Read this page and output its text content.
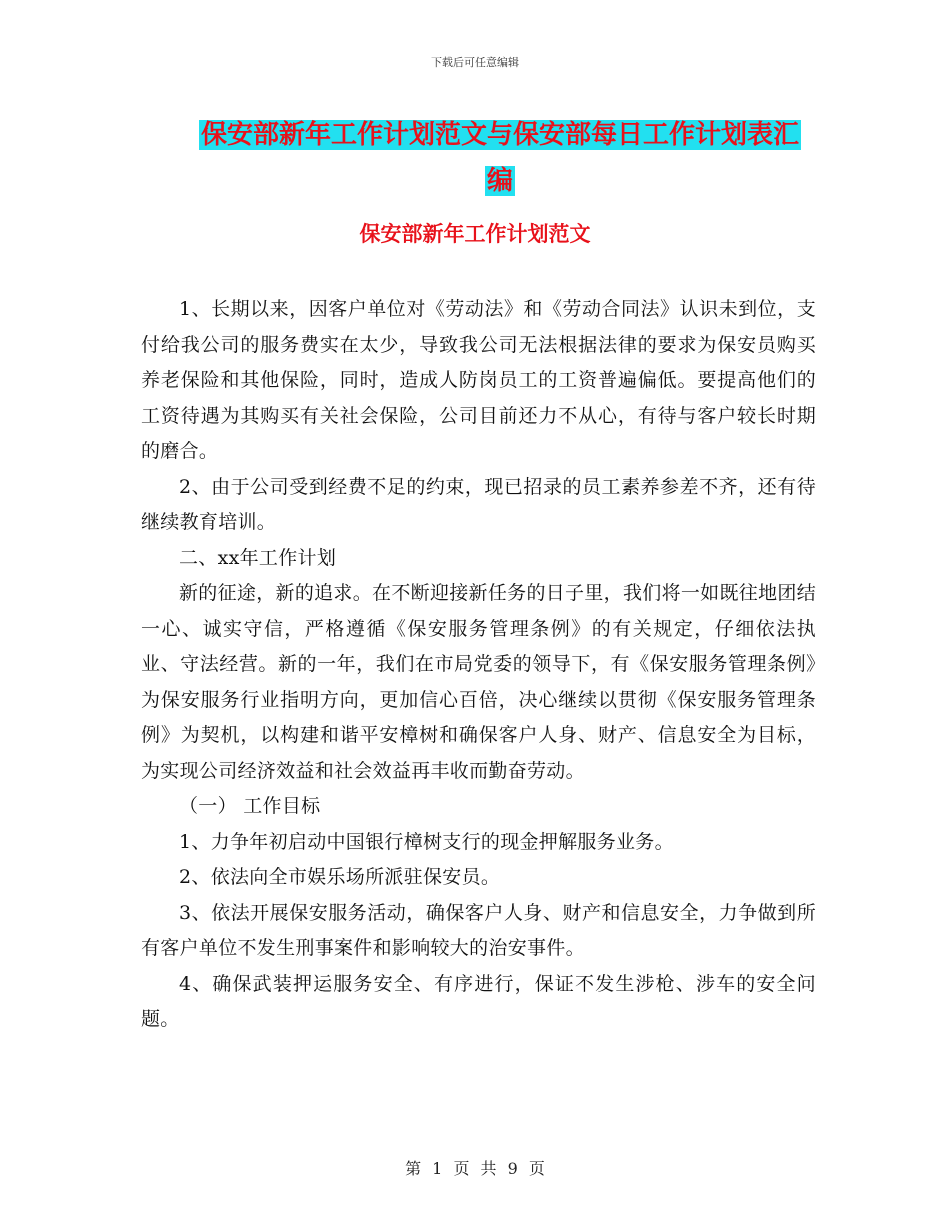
下载后可任意编辑
保安部新年工作计划范文与保安部每日工作计划表汇
编
保安部新年工作计划范文

1、长期以来，因客户单位对《劳动法》和《劳动合同法》认识未到位，支付给我公司的服务费实在太少，导致我公司无法根据法律的要求为保安员购买养老保险和其他保险，同时，造成人防岗员工的工资普遍偏低。要提高他们的工资待遇为其购买有关社会保险，公司目前还力不从心，有待与客户较长时期的磨合。

2、由于公司受到经费不足的约束，现已招录的员工素养参差不齐，还有待继续教育培训。

二、xx年工作计划

新的征途，新的追求。在不断迎接新任务的日子里，我们将一如既往地团结一心、诚实守信，严格遵循《保安服务管理条例》的有关规定，仔细依法执业、守法经营。新的一年，我们在市局党委的领导下，有《保安服务管理条例》为保安服务行业指明方向，更加信心百倍，决心继续以贯彻《保安服务管理条例》为契机，以构建和谐平安樟树和确保客户人身、财产、信息安全为目标，为实现公司经济效益和社会效益再丰收而勤奋劳动。

（一） 工作目标

1、力争年初启动中国银行樟树支行的现金押解服务业务。

2、依法向全市娱乐场所派驻保安员。

3、依法开展保安服务活动，确保客户人身、财产和信息安全，力争做到所有客户单位不发生刑事案件和影响较大的治安事件。

4、确保武装押运服务安全、有序进行，保证不发生涉枪、涉车的安全问题。

第 1 页 共 9 页
